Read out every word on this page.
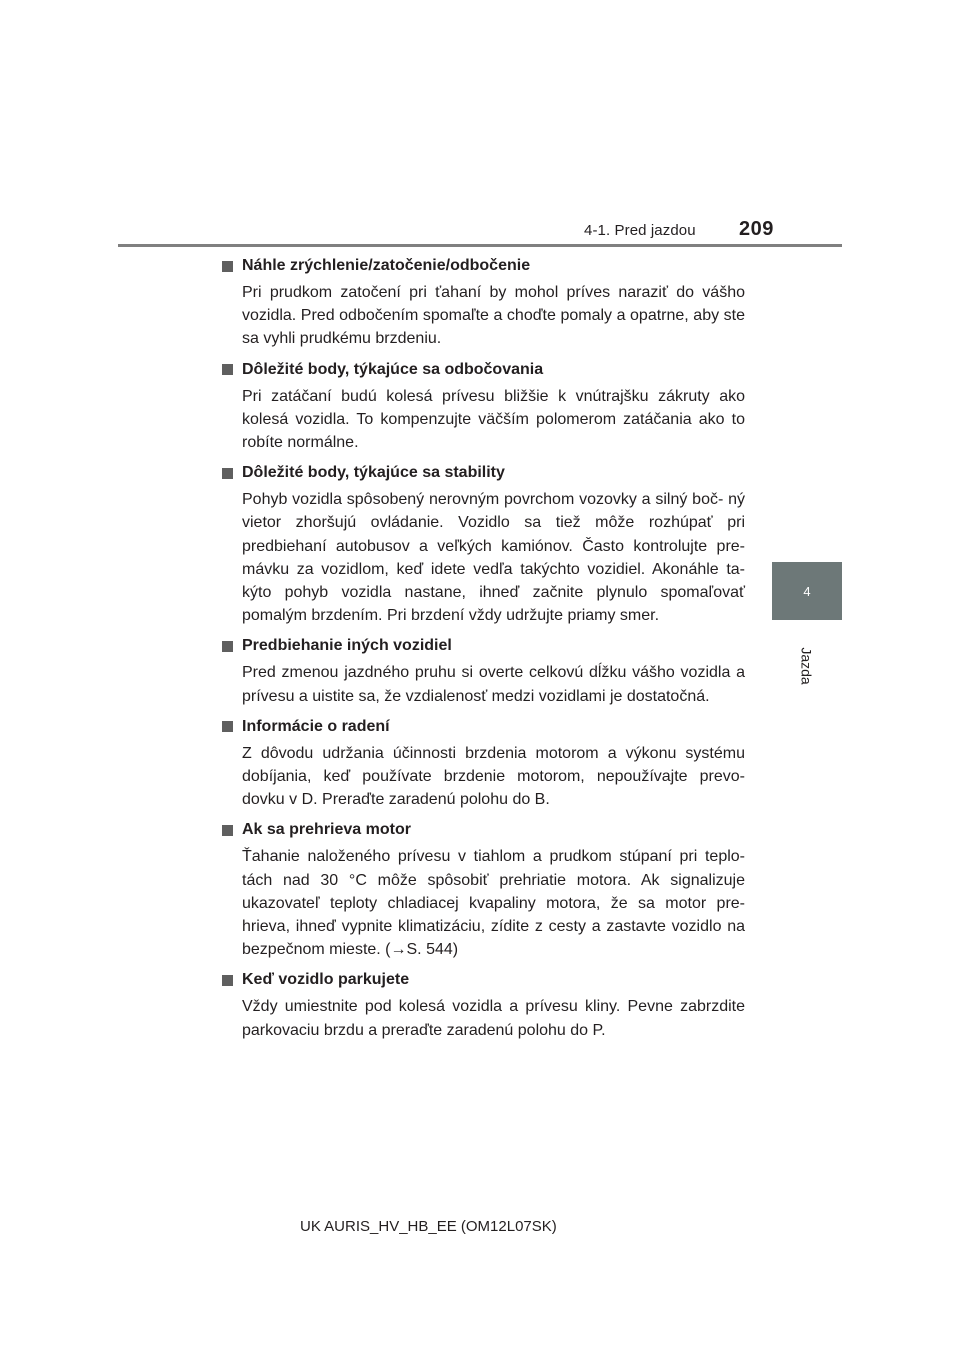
4-1. Pred jazdou 209
4
Jazda
Náhle zrýchlenie/zatočenie/odbočenie
Pri prudkom zatočení pri ťahaní by mohol príves naraziť do vášho vozidla. Pred odbočením spomaľte a choďte pomaly a opatrne, aby ste sa vyhli prudkému brzdeniu.
Dôležité body, týkajúce sa odbočovania
Pri zatáčaní budú kolesá prívesu bližšie k vnútrajšku zákruty ako kolesá vozidla. To kompenzujte väčším polomerom zatáčania ako to robíte normálne.
Dôležité body, týkajúce sa stability
Pohyb vozidla spôsobený nerovným povrchom vozovky a silný boč- ný vietor zhoršujú ovládanie. Vozidlo sa tiež môže rozhúpať pri predbiehaní autobusov a veľkých kamiónov. Často kontrolujte pre- mávku za vozidlom, keď idete vedľa takýchto vozidiel. Akonáhle ta- kýto pohyb vozidla nastane, ihneď začnite plynulo spomaľovať pomalým brzdením. Pri brzdení vždy udržujte priamy smer.
Predbiehanie iných vozidiel
Pred zmenou jazdného pruhu si overte celkovú dĺžku vášho vozidla a prívesu a uistite sa, že vzdialenosť medzi vozidlami je dostatočná.
Informácie o radení
Z dôvodu udržania účinnosti brzdenia motorom a výkonu systému dobíjania, keď používate brzdenie motorom, nepoužívajte prevo- dovku v D. Preraďte zaradenú polohu do B.
Ak sa prehrieva motor
Ťahanie naloženého prívesu v tiahlom a prudkom stúpaní pri teplo- tách nad 30 °C môže spôsobiť prehriatie motora. Ak signalizuje ukazovateľ teploty chladiacej kvapaliny motora, že sa motor pre- hrieva, ihneď vypnite klimatizáciu, zídite z cesty a zastavte vozidlo na bezpečnom mieste. (→S. 544)
Keď vozidlo parkujete
Vždy umiestnite pod kolesá vozidla a prívesu kliny. Pevne zabrzdite parkovaciu brzdu a preraďte zaradenú polohu do P.
UK AURIS_HV_HB_EE (OM12L07SK)
